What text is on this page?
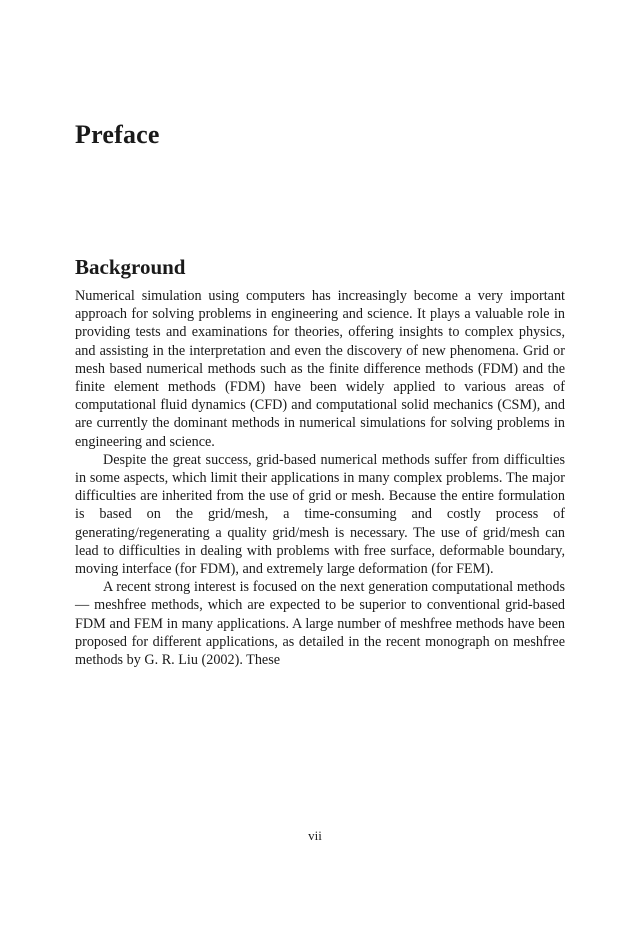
Preface
Background

Numerical simulation using computers has increasingly become a very important approach for solving problems in engineering and science. It plays a valuable role in providing tests and examinations for theories, offering insights to complex physics, and assisting in the interpretation and even the discovery of new phenomena. Grid or mesh based numerical methods such as the finite difference methods (FDM) and the finite element methods (FDM) have been widely applied to various areas of computational fluid dynamics (CFD) and computational solid mechanics (CSM), and are currently the dominant methods in numerical simulations for solving problems in engineering and science.

Despite the great success, grid-based numerical methods suffer from difficulties in some aspects, which limit their applications in many complex problems. The major difficulties are inherited from the use of grid or mesh. Because the entire formulation is based on the grid/mesh, a time-consuming and costly process of generating/regenerating a quality grid/mesh is necessary. The use of grid/mesh can lead to difficulties in dealing with problems with free surface, deformable boundary, moving interface (for FDM), and extremely large deformation (for FEM).

A recent strong interest is focused on the next generation computational methods — meshfree methods, which are expected to be superior to conventional grid-based FDM and FEM in many applications. A large number of meshfree methods have been proposed for different applications, as detailed in the recent monograph on meshfree methods by G. R. Liu (2002). These

vii
